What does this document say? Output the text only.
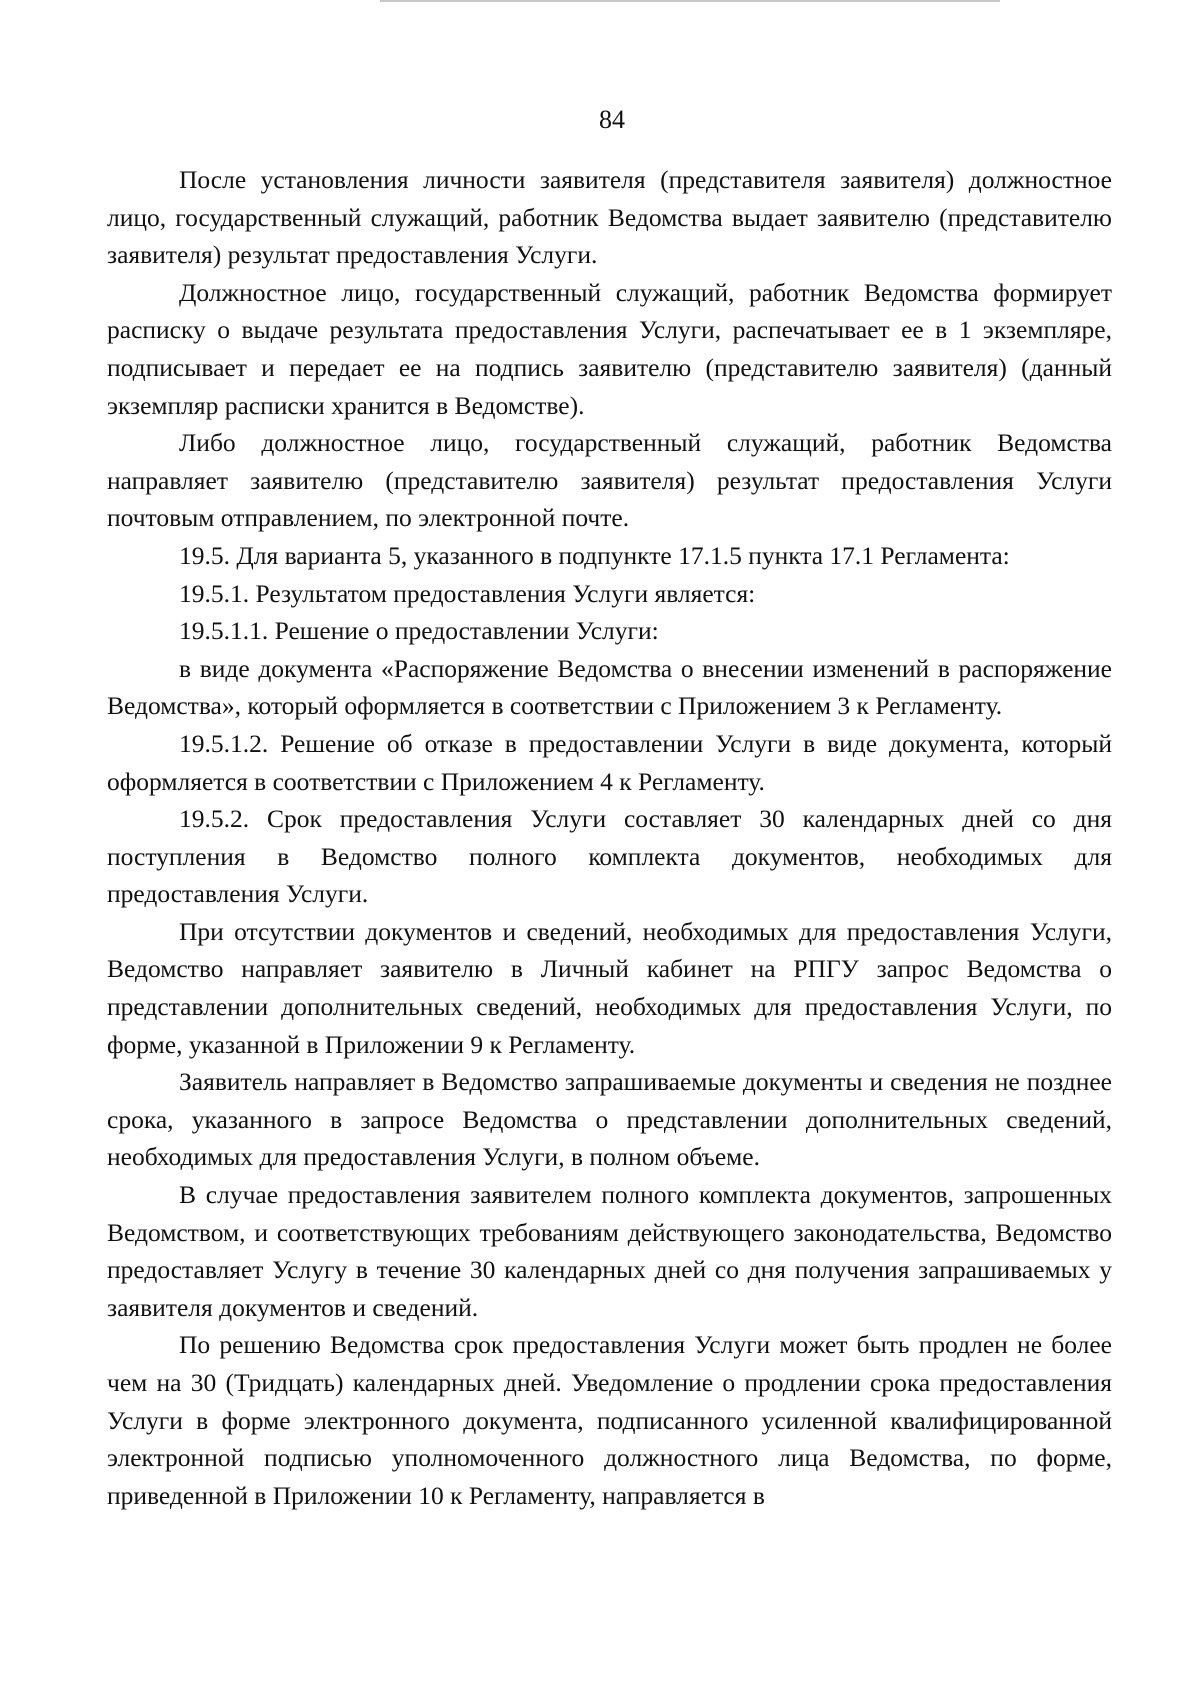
84

После установления личности заявителя (представителя заявителя) должностное лицо, государственный служащий, работник Ведомства выдает заявителю (представителю заявителя) результат предоставления Услуги.

Должностное лицо, государственный служащий, работник Ведомства формирует расписку о выдаче результата предоставления Услуги, распечатывает ее в 1 экземпляре, подписывает и передает ее на подпись заявителю (представителю заявителя) (данный экземпляр расписки хранится в Ведомстве).

Либо должностное лицо, государственный служащий, работник Ведомства направляет заявителю (представителю заявителя) результат предоставления Услуги почтовым отправлением, по электронной почте.

19.5. Для варианта 5, указанного в подпункте 17.1.5 пункта 17.1 Регламента:

19.5.1. Результатом предоставления Услуги является:

19.5.1.1. Решение о предоставлении Услуги:

в виде документа «Распоряжение Ведомства о внесении изменений в распоряжение Ведомства», который оформляется в соответствии с Приложением 3 к Регламенту.

19.5.1.2. Решение об отказе в предоставлении Услуги в виде документа, который оформляется в соответствии с Приложением 4 к Регламенту.

19.5.2. Срок предоставления Услуги составляет 30 календарных дней со дня поступления в Ведомство полного комплекта документов, необходимых для предоставления Услуги.

При отсутствии документов и сведений, необходимых для предоставления Услуги, Ведомство направляет заявителю в Личный кабинет на РПГУ запрос Ведомства о представлении дополнительных сведений, необходимых для предоставления Услуги, по форме, указанной в Приложении 9 к Регламенту.

Заявитель направляет в Ведомство запрашиваемые документы и сведения не позднее срока, указанного в запросе Ведомства о представлении дополнительных сведений, необходимых для предоставления Услуги, в полном объеме.

В случае предоставления заявителем полного комплекта документов, запрошенных Ведомством, и соответствующих требованиям действующего законодательства, Ведомство предоставляет Услугу в течение 30 календарных дней со дня получения запрашиваемых у заявителя документов и сведений.

По решению Ведомства срок предоставления Услуги может быть продлен не более чем на 30 (Тридцать) календарных дней. Уведомление о продлении срока предоставления Услуги в форме электронного документа, подписанного усиленной квалифицированной электронной подписью уполномоченного должностного лица Ведомства, по форме, приведенной в Приложении 10 к Регламенту, направляется в
